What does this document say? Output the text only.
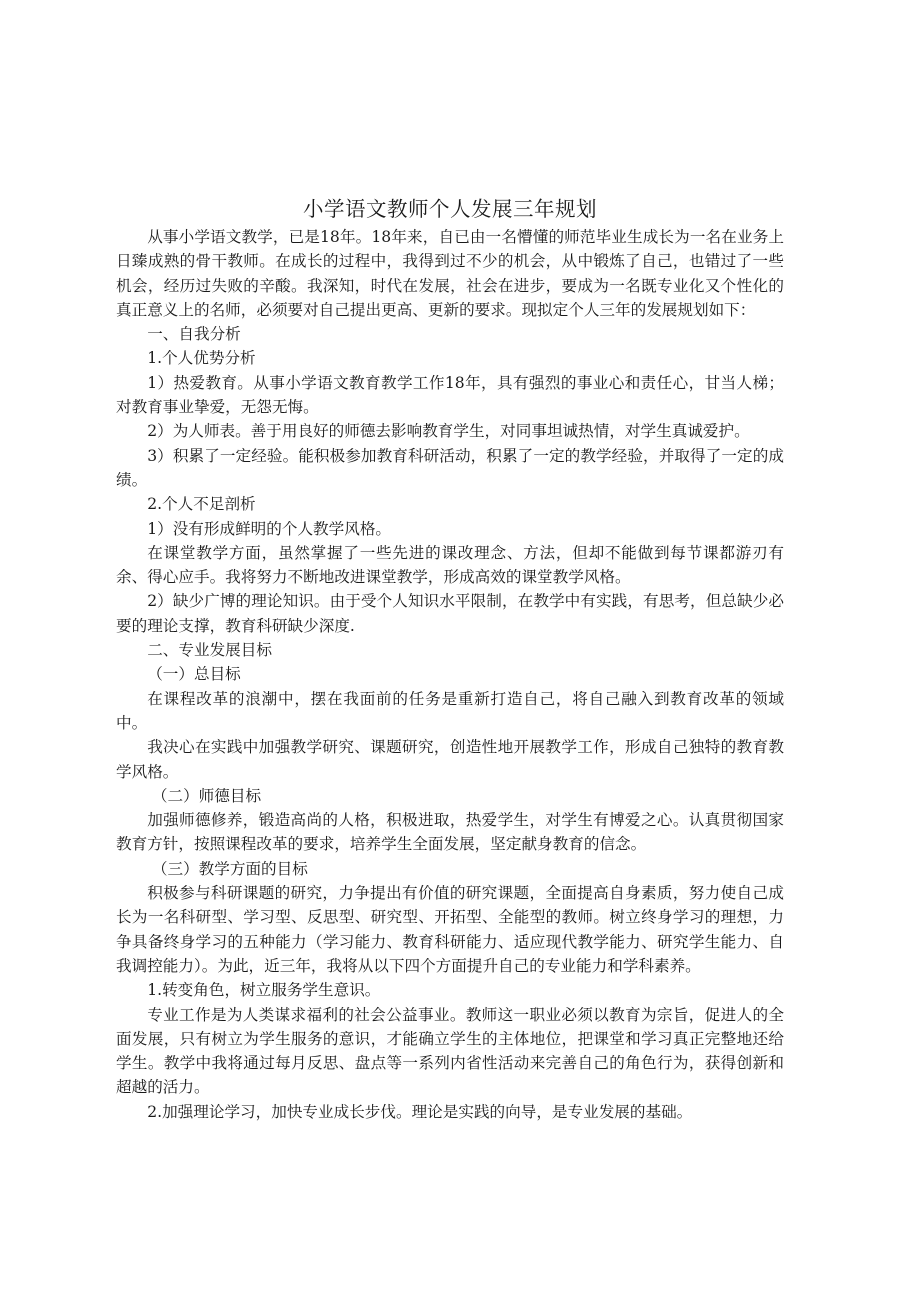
小学语文教师个人发展三年规划

从事小学语文教学，已是18年。18年来，自已由一名懵懂的师范毕业生成长为一名在业务上日臻成熟的骨干教师。在成长的过程中，我得到过不少的机会，从中锻炼了自己，也错过了一些机会，经历过失败的辛酸。我深知，时代在发展，社会在进步，要成为一名既专业化又个性化的真正意义上的名师，必须要对自己提出更高、更新的要求。现拟定个人三年的发展规划如下：

一、自我分析

1.个人优势分析

1）热爱教育。从事小学语文教育教学工作18年，具有强烈的事业心和责任心，甘当人梯；对教育事业挚爱，无怨无悔。

2）为人师表。善于用良好的师德去影响教育学生，对同事坦诚热情，对学生真诚爱护。

3）积累了一定经验。能积极参加教育科研活动，积累了一定的教学经验，并取得了一定的成绩。

2.个人不足剖析

1）没有形成鲜明的个人教学风格。

在课堂教学方面，虽然掌握了一些先进的课改理念、方法，但却不能做到每节课都游刃有余、得心应手。我将努力不断地改进课堂教学，形成高效的课堂教学风格。

2）缺少广博的理论知识。由于受个人知识水平限制，在教学中有实践，有思考，但总缺少必要的理论支撑，教育科研缺少深度.

二、专业发展目标

（一）总目标

在课程改革的浪潮中，摆在我面前的任务是重新打造自己，将自己融入到教育改革的领域中。

我决心在实践中加强教学研究、课题研究，创造性地开展教学工作，形成自己独特的教育教学风格。

（二）师德目标

加强师德修养，锻造高尚的人格，积极进取，热爱学生，对学生有博爱之心。认真贯彻国家教育方针，按照课程改革的要求，培养学生全面发展，坚定献身教育的信念。

（三）教学方面的目标

积极参与科研课题的研究，力争提出有价值的研究课题，全面提高自身素质，努力使自己成长为一名科研型、学习型、反思型、研究型、开拓型、全能型的教师。树立终身学习的理想，力争具备终身学习的五种能力（学习能力、教育科研能力、适应现代教学能力、研究学生能力、自我调控能力）。为此，近三年，我将从以下四个方面提升自己的专业能力和学科素养。

1.转变角色，树立服务学生意识。

专业工作是为人类谋求福利的社会公益事业。教师这一职业必须以教育为宗旨，促进人的全面发展，只有树立为学生服务的意识，才能确立学生的主体地位，把课堂和学习真正完整地还给学生。教学中我将通过每月反思、盘点等一系列内省性活动来完善自己的角色行为，获得创新和超越的活力。

2.加强理论学习，加快专业成长步伐。理论是实践的向导，是专业发展的基础。
